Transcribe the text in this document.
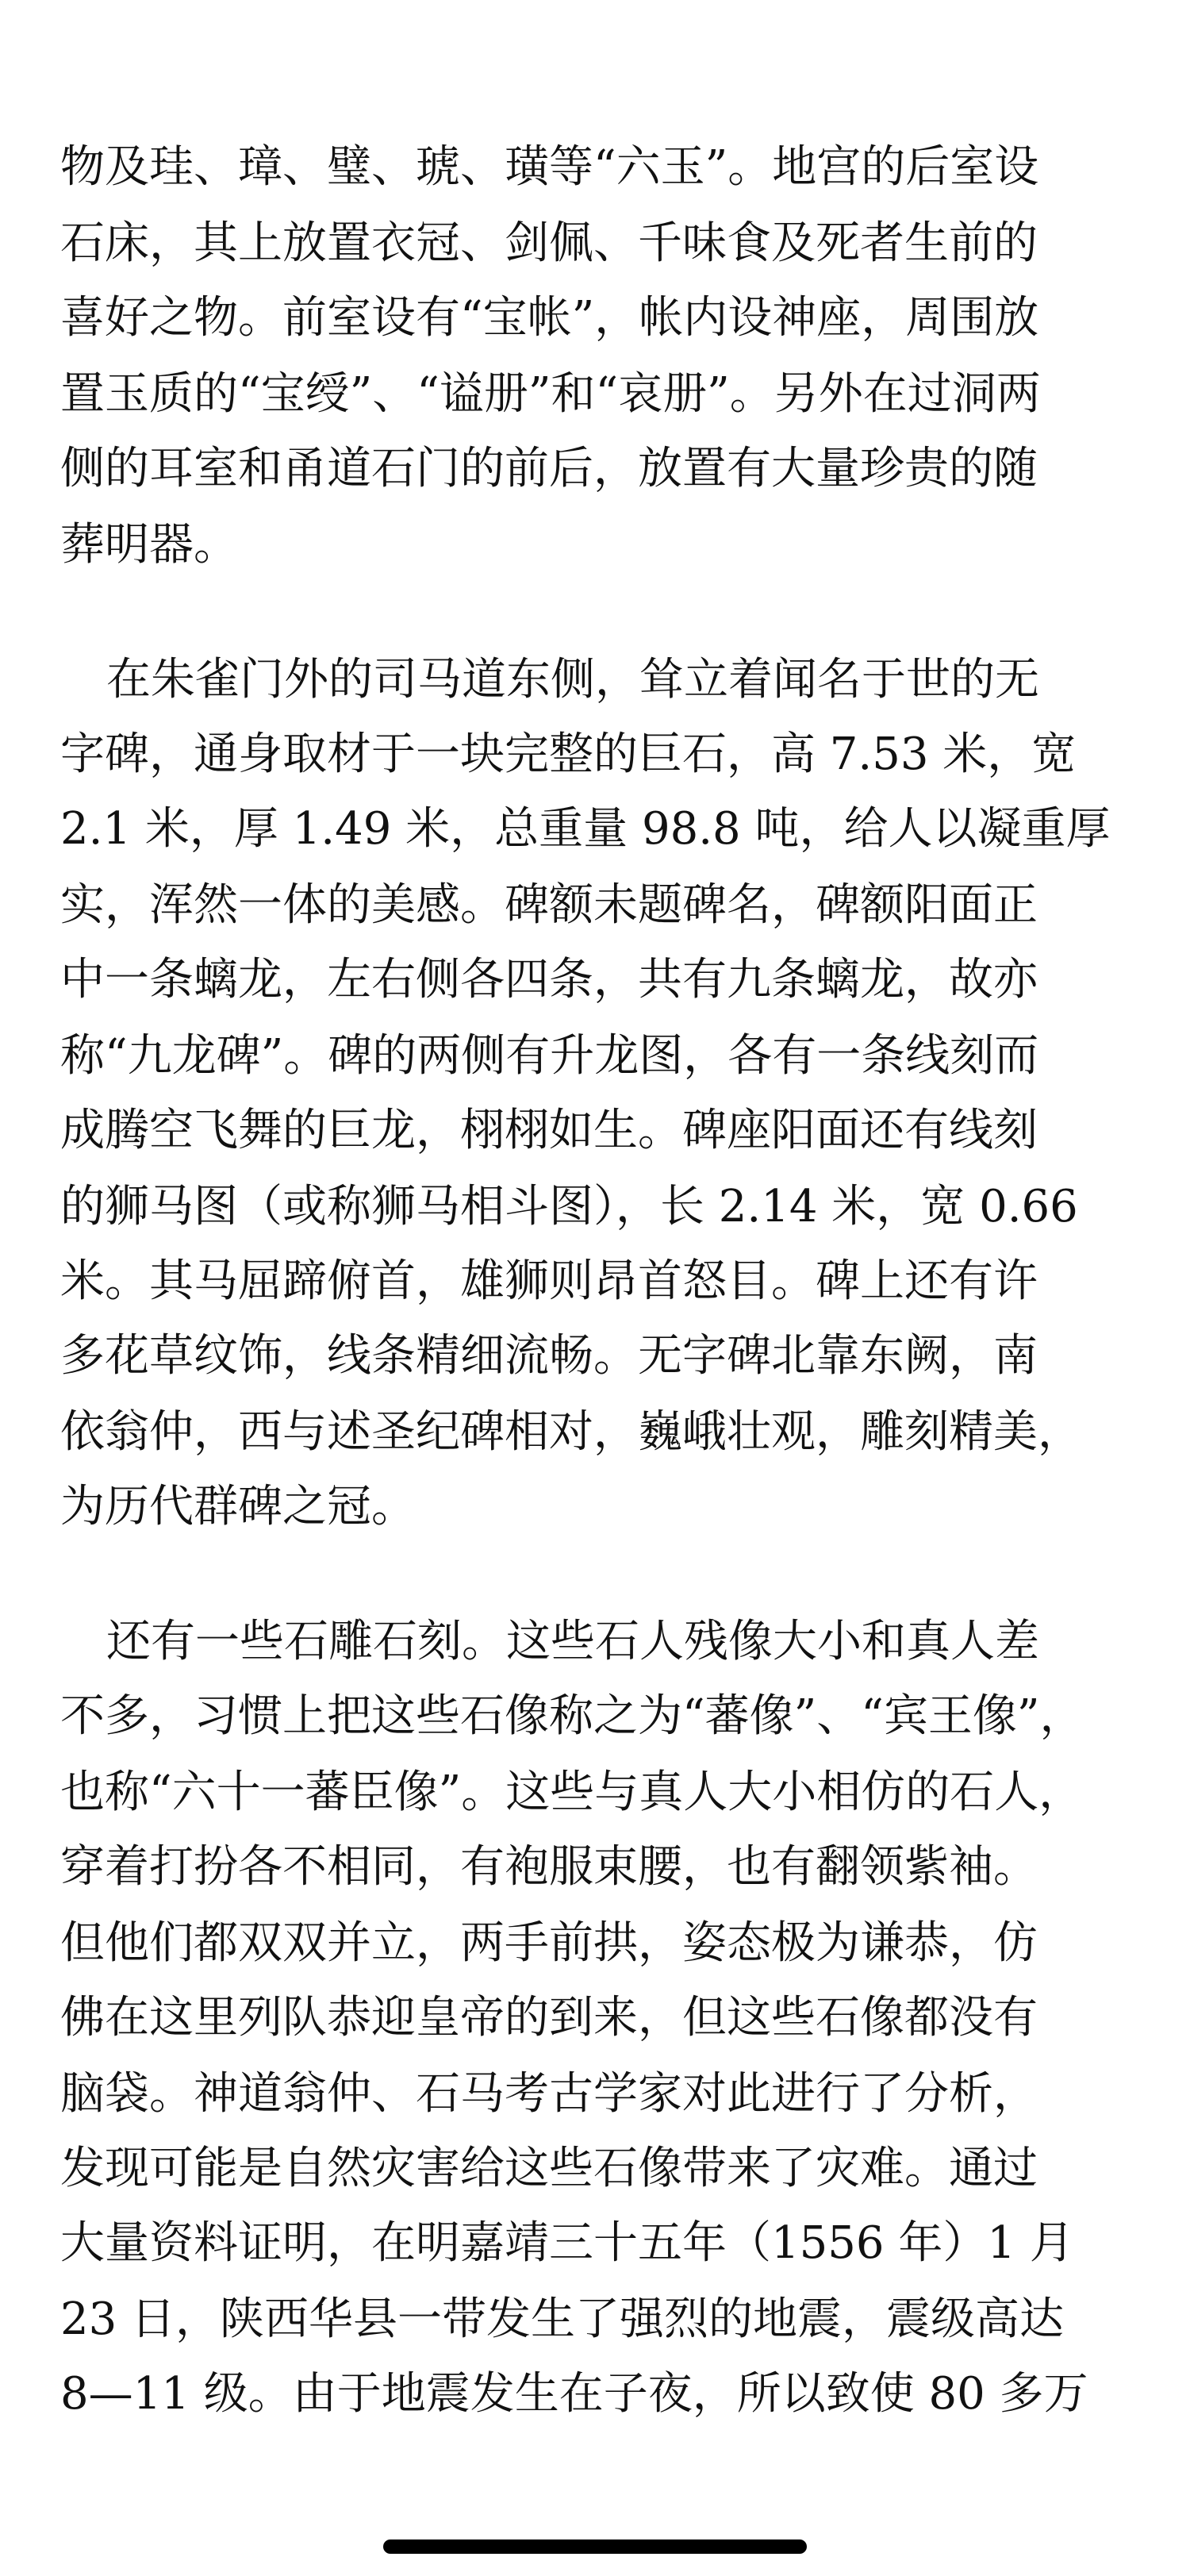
物及珪、璋、璧、琥、璜等“六玉”。地宫的后室设
石床，其上放置衣冠、剑佩、千味食及死者生前的
喜好之物。前室设有“宝帐”，帐内设神座，周围放
置玉质的“宝绶”、“谥册”和“哀册”。另外在过洞两
侧的耳室和甬道石门的前后，放置有大量珍贵的随
葬明器。
在朱雀门外的司马道东侧，耸立着闻名于世的无
字碑，通身取材于一块完整的巨石，高 7.53 米，宽
2.1 米，厚 1.49 米，总重量 98.8 吨，给人以凝重厚
实，浑然一体的美感。碑额未题碑名，碑额阳面正
中一条螭龙，左右侧各四条，共有九条螭龙，故亦
称“九龙碑”。碑的两侧有升龙图，各有一条线刻而
成腾空飞舞的巨龙，栩栩如生。碑座阳面还有线刻
的狮马图（或称狮马相斗图），长 2.14 米，宽 0.66
米。其马屈蹄俯首，雄狮则昂首怒目。碑上还有许
多花草纹饰，线条精细流畅。无字碑北靠东阙，南
依翁仲，西与述圣纪碑相对，巍峨壮观，雕刻精美，
为历代群碑之冠。
还有一些石雕石刻。这些石人残像大小和真人差
不多，习惯上把这些石像称之为“蕃像”、“宾王像”，
也称“六十一蕃臣像”。这些与真人大小相仿的石人，
穿着打扮各不相同，有袍服束腰，也有翻领紫袖。
但他们都双双并立，两手前拱，姿态极为谦恭，仿
佛在这里列队恭迎皇帝的到来，但这些石像都没有
脑袋。神道翁仲、石马考古学家对此进行了分析，
发现可能是自然灾害给这些石像带来了灾难。通过
大量资料证明，在明嘉靖三十五年（1556 年）1 月
23 日，陕西华县一带发生了强烈的地震，震级高达
8—11 级。由于地震发生在子夜，所以致使 80 多万
